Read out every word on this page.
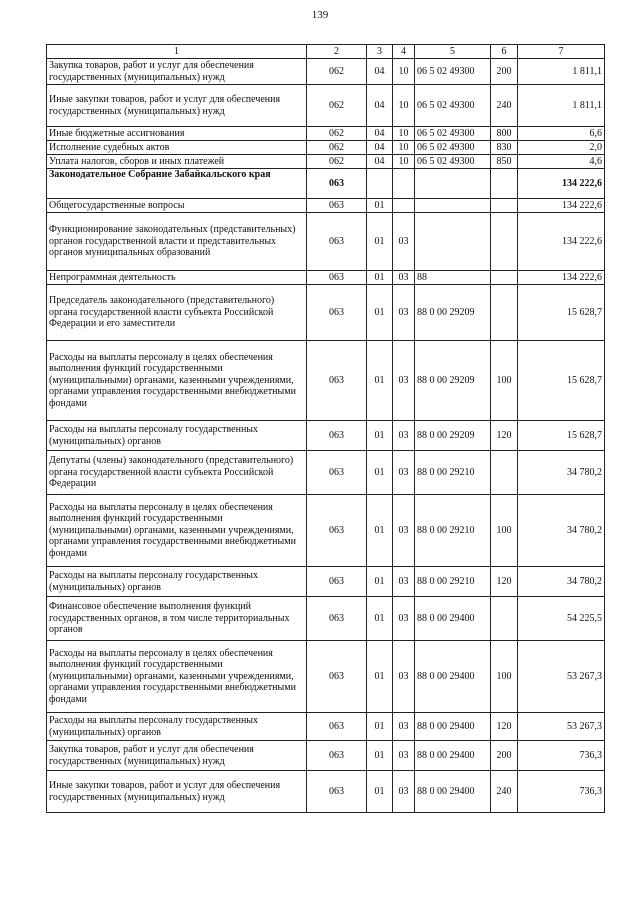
139
1	2	3	4	5	6	7
Закупка товаров, работ и услуг для обеспечения государственных (муниципальных) нужд	062	04	10	06 5 02 49300	200	1 811,1
Иные закупки товаров, работ и услуг для обеспечения государственных (муниципальных) нужд	062	04	10	06 5 02 49300	240	1 811,1
Иные бюджетные ассигнования	062	04	10	06 5 02 49300	800	6,6
Исполнение судебных актов	062	04	10	06 5 02 49300	830	2,0
Уплата налогов, сборов и иных платежей	062	04	10	06 5 02 49300	850	4,6
Законодательное Собрание Забайкальского края	063					134 222,6
Общегосударственные вопросы	063	01				134 222,6
Функционирование законодательных (представительных) органов государственной власти и представительных органов муниципальных образований	063	01	03			134 222,6
Непрограммная деятельность	063	01	03	88		134 222,6
Председатель законодательного (представительного) органа государственной власти субъекта Российской Федерации и его заместители	063	01	03	88 0 00 29209		15 628,7
Расходы на выплаты персоналу в целях обеспечения выполнения функций государственными (муниципальными) органами, казенными учреждениями, органами управления государственными внебюджетными фондами	063	01	03	88 0 00 29209	100	15 628,7
Расходы на выплаты персоналу государственных (муниципальных) органов	063	01	03	88 0 00 29209	120	15 628,7
Депутаты (члены) законодательного (представительного) органа государственной власти субъекта Российской Федерации	063	01	03	88 0 00 29210		34 780,2
Расходы на выплаты персоналу в целях обеспечения выполнения функций государственными (муниципальными) органами, казенными учреждениями, органами управления государственными внебюджетными фондами	063	01	03	88 0 00 29210	100	34 780,2
Расходы на выплаты персоналу государственных (муниципальных) органов	063	01	03	88 0 00 29210	120	34 780,2
Финансовое обеспечение выполнения функций государственных органов, в том числе территориальных органов	063	01	03	88 0 00 29400		54 225,5
Расходы на выплаты персоналу в целях обеспечения выполнения функций государственными (муниципальными) органами, казенными учреждениями, органами управления государственными внебюджетными фондами	063	01	03	88 0 00 29400	100	53 267,3
Расходы на выплаты персоналу государственных (муниципальных) органов	063	01	03	88 0 00 29400	120	53 267,3
Закупка товаров, работ и услуг для обеспечения государственных (муниципальных) нужд	063	01	03	88 0 00 29400	200	736,3
Иные закупки товаров, работ и услуг для обеспечения государственных (муниципальных) нужд	063	01	03	88 0 00 29400	240	736,3
